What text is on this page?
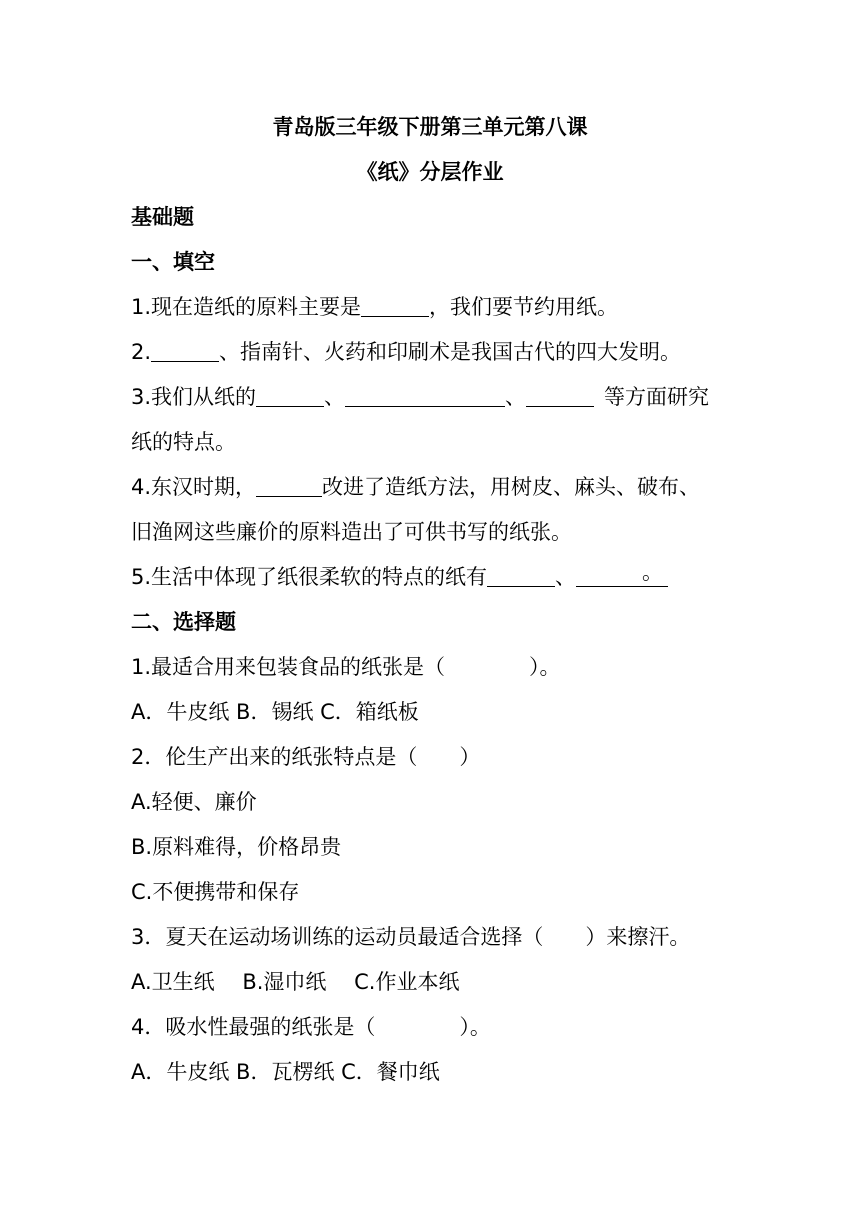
青岛版三年级下册第三单元第八课
《纸》分层作业
基础题
一、填空
1.现在造纸的原料主要是	，我们要节约用纸。
2.	、指南针、火药和印刷术是我国古代的四大发明。
3.我们从纸的	、	、	等方面研究
纸的特点。
4.东汉时期，	改进了造纸方法，用树皮、麻头、破布、
旧渔网这些廉价的原料造出了可供书写的纸张。
5.生活中体现了纸很柔软的特点的纸有	、	。
二、选择题
1.最适合用来包装食品的纸张是（　　　　）。
A．牛皮纸 B．锡纸 C．箱纸板
2．伦生产出来的纸张特点是（　　）
A.轻便、廉价
B.原料难得，价格昂贵
C.不便携带和保存
3．夏天在运动场训练的运动员最适合选择（　　）来擦汗。
A.卫生纸　 B.湿巾纸　 C.作业本纸
4．吸水性最强的纸张是（　　　　）。
A．牛皮纸 B．瓦楞纸 C．餐巾纸
